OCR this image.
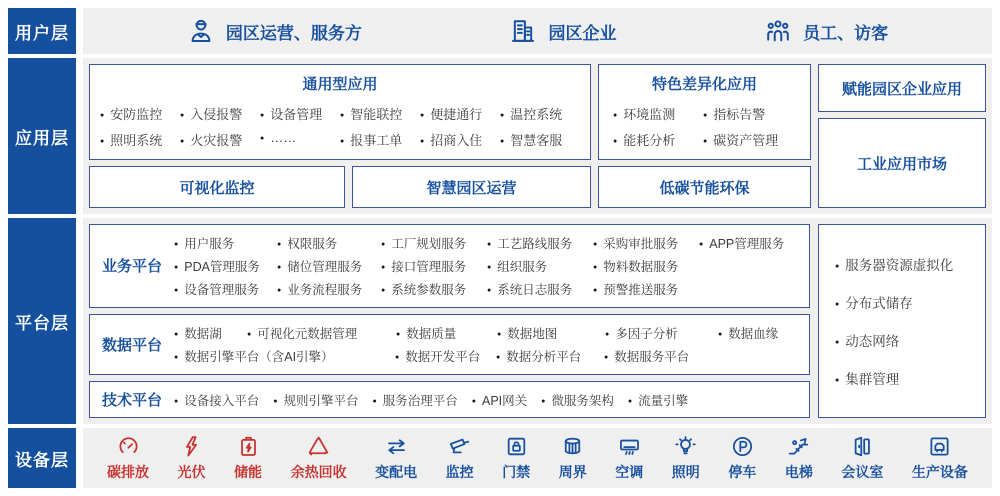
用户层	园区运营、服务方	园区企业	员工、访客
应用层
通用型应用
● 安防监控	● 入侵报警	● 设备管理	● 智能联控	● 便捷通行	● 温控系统
● 照明系统	● 火灾报警	● ……	● 报事工单	● 招商入住	● 智慧客服
可视化监控	智慧园区运营
特色差异化应用
● 环境监测	● 指标告警
● 能耗分析	● 碳资产管理
低碳节能环保
赋能园区企业应用
工业应用市场
平台层
业务平台
● 用户服务	● 权限服务	● 工厂规划服务	● 工艺路线服务	● 采购审批服务	● APP管理服务
● PDA管理服务	● 储位管理服务	● 接口管理服务	● 组织服务	● 物料数据服务
● 设备管理服务	● 业务流程服务	● 系统参数服务	● 系统日志服务	● 预警推送服务
数据平台
● 数据湖	● 可视化元数据管理	● 数据质量	● 数据地图	● 多因子分析	● 数据血缘
● 数据引擎平台（含AI引擎）	● 数据开发平台	● 数据分析平台	● 数据服务平台
技术平台	● 设备接入平台	● 规则引擎平台	● 服务治理平台	● API网关	● 微服务架构	● 流量引擎
● 服务器资源虚拟化
● 分布式储存
● 动态网络
● 集群管理
设备层
碳排放 光伏 储能 余热回收 变配电 监控 门禁 周界 空调 照明 停车 电梯 会议室 生产设备
